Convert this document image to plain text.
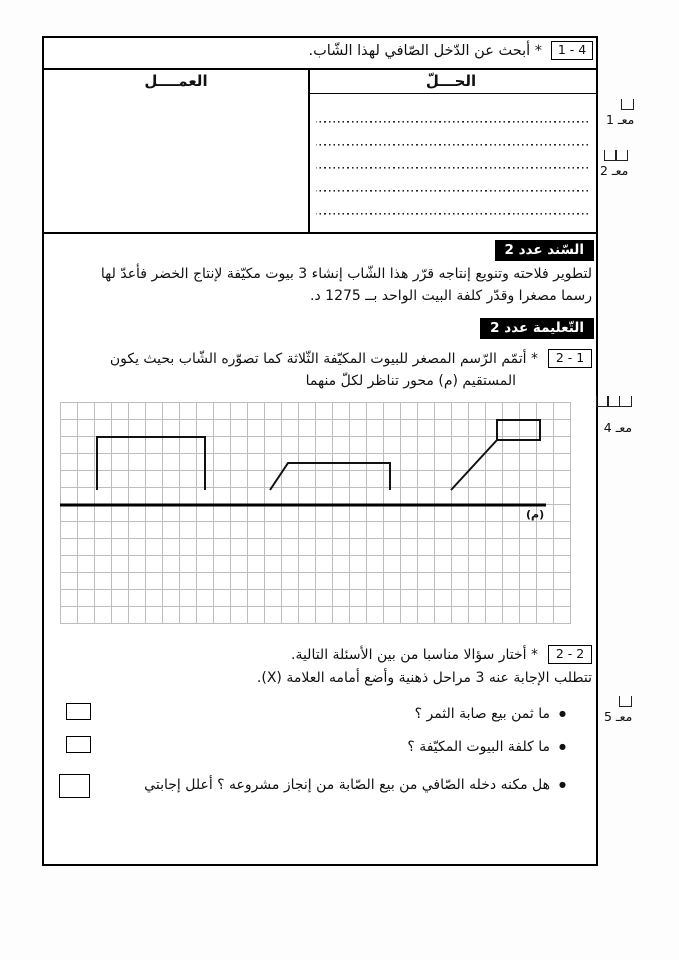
1 - 4
* أبحث عن الدّخل الصّافي لهذا الشّاب.
الحـــلّ
العمــــل
السّند عدد 2
لتطوير فلاحته وتنويع إنتاجه قرّر هذا الشّاب إنشاء 3 بيوت مكيّفة لإنتاج الخضر فأعدّ لها
رسما مصغرا وقدّر كلفة البيت الواحد بــ 1275 د.
التّعليمة عدد 2
2 - 1
* أتمّم الرّسم المصغر للبيوت المكيّفة الثّلاثة كما تصوّره الشّاب بحيث يكون
المستقيم (م) محور تناظر لكلّ منهما
(م)
2 - 2
* أختار سؤالا مناسبا من بين الأسئلة التالية.
تتطلب الإجابة عنه 3 مراحل ذهنية وأضع أمامه العلامة (X).
● ما ثمن بيع صابة الثمر ؟
● ما كلفة البيوت المكيّفة ؟
● هل مكنه دخله الصّافي من بيع الصّابة من إنجاز مشروعه ؟ أعلل إجابتي
معـ 1
معـ 2
معـ 4
معـ 5
